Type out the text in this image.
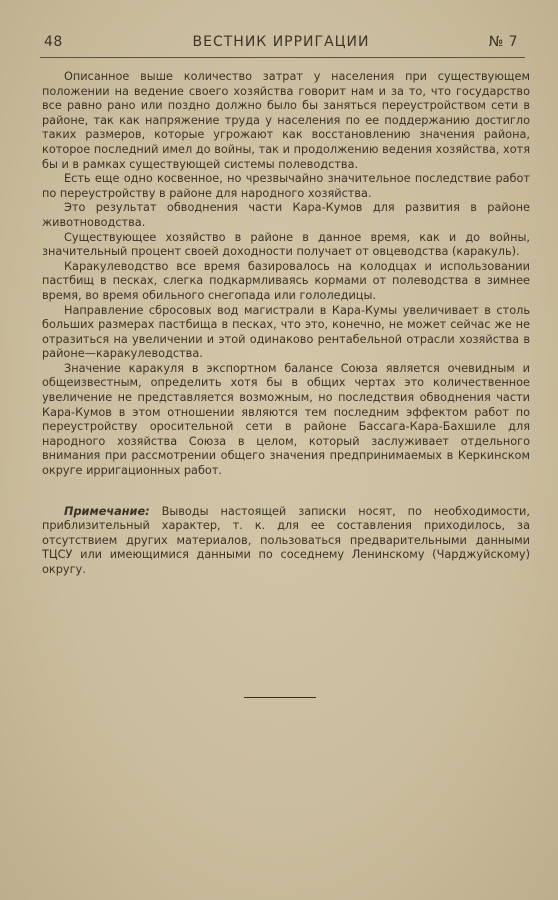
48	ВЕСТНИК ИРРИГАЦИИ	№ 7

Описанное выше количество затрат у населения при существующем положении на ведение своего хозяйства говорит нам и за то, что государство все равно рано или поздно должно было бы заняться переустройством сети в районе, так как напряжение труда у населения по ее поддержанию достигло таких размеров, которые угрожают как восстановлению значения района, которое последний имел до войны, так и продолжению ведения хозяйства, хотя бы и в рамках существующей системы полеводства.

Есть еще одно косвенное, но чрезвычайно значительное последствие работ по переустройству в районе для народного хозяйства.

Это результат обводнения части Кара-Кумов для развития в районе животноводства.

Существующее хозяйство в районе в данное время, как и до войны, значительный процент своей доходности получает от овцеводства (каракуль).

Каракулеводство все время базировалось на колодцах и использовании пастбищ в песках, слегка подкармливаясь кормами от полеводства в зимнее время, во время обильного снегопада или гололедицы.

Направление сбросовых вод магистрали в Кара-Кумы увеличивает в столь больших размерах пастбища в песках, что это, конечно, не может сейчас же не отразиться на увеличении и этой одинаково рентабельной отрасли хозяйства в районе—каракулеводства.

Значение каракуля в экспортном балансе Союза является очевидным и общеизвестным, определить хотя бы в общих чертах это количественное увеличение не представляется возможным, но последствия обводнения части Кара-Кумов в этом отношении являются тем последним эффектом работ по переустройству оросительной сети в районе Бассага-Кара-Бахшиле для народного хозяйства Союза в целом, который заслуживает отдельного внимания при рассмотрении общего значения предпринимаемых в Керкинском округе ирригационных работ.

Примечание: Выводы настоящей записки носят, по необходимости, приблизительный характер, т. к. для ее составления приходилось, за отсутствием других материалов, пользоваться предварительными данными ТЦСУ или имеющимися данными по соседнему Ленинскому (Чарджуйскому) округу.
